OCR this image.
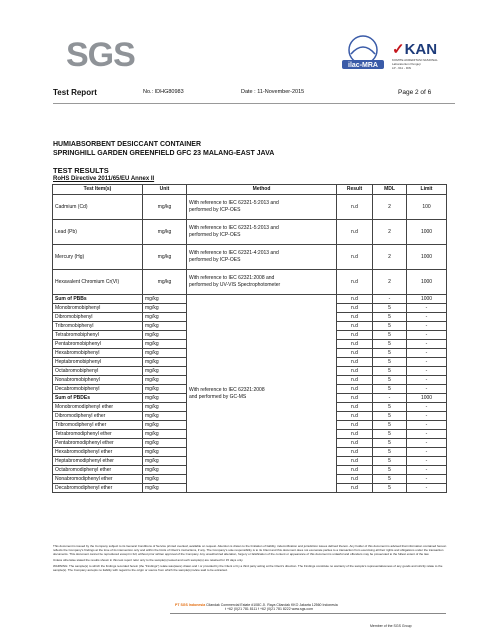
SGS	ilac-MRA
✓KAN
KOMITE AKREDITASI NASIONAL
Laboratorium Penguji
LP - 611 - IDN
Test Report	No.: IDHG80983	Date : 11-November-2015	Page 2 of 6
HUMIABSORBENT DESICCANT CONTAINER
SPRINGHILL GARDEN GREENFIELD GFC 23 MALANG-EAST JAVA
TEST RESULTS
RoHS Directive 2011/65/EU Annex II
Test Item(s)	Unit	Method	Result	MDL	Limit
Cadmium (Cd)	mg/kg	With reference to IEC 62321-5:2013 and
performed by ICP-OES	n.d	2	100
Lead (Pb)	mg/kg	With reference to IEC 62321-5:2013 and
performed by ICP-OES	n.d	2	1000
Mercury (Hg)	mg/kg	With reference to IEC 62321-4:2013 and
performed by ICP-OES	n.d	2	1000
Hexavalent Chromium Cr(VI)	mg/kg	With reference to IEC 62321:2008 and
performed by UV-VIS Spectrophotometer	n.d	2	1000
Sum of PBBs	mg/kg	With reference to IEC 62321:2008
and performed by GC-MS	n.d	-	1000
Monobromobiphenyl	mg/kg		n.d	5	-
Dibromobiphenyl	mg/kg		n.d	5	-
Tribromobiphenyl	mg/kg		n.d	5	-
Tetrabromobiphenyl	mg/kg		n.d	5	-
Pentabromobiphenyl	mg/kg		n.d	5	-
Hexabromobiphenyl	mg/kg		n.d	5	-
Heptabromobiphenyl	mg/kg		n.d	5	-
Octabromobiphenyl	mg/kg		n.d	5	-
Nonabromobiphenyl	mg/kg		n.d	5	-
Decabromobiphenyl	mg/kg		n.d	5	-
Sum of PBDEs	mg/kg		n.d	-	1000
Monobromodiphenyl ether	mg/kg		n.d	5	-
Dibromodiphenyl ether	mg/kg		n.d	5	-
Tribromodiphenyl ether	mg/kg		n.d	5	-
Tetrabromodiphenyl ether	mg/kg		n.d	5	-
Pentabromodiphenyl ether	mg/kg		n.d	5	-
Hexabromodiphenyl ether	mg/kg		n.d	5	-
Heptabromodiphenyl ether	mg/kg		n.d	5	-
Octabromodiphenyl ether	mg/kg		n.d	5	-
Nonabromodiphenyl ether	mg/kg		n.d	5	-
Decabromodiphenyl ether	mg/kg		n.d	5	-
This document is issued by the Company subject to its General Conditions of Service printed overleaf, available on request. Attention is drawn to the limitation of liability, indemnification and jurisdiction issues defined therein. Any holder of this document is advised that information contained hereon reflects the Company's findings at the time of its intervention only and within the limits of Client's instructions, if any. The Company's sole responsibility is to its Client and this document does not exonerate parties to a transaction from exercising all their rights and obligations under the transaction documents. This document cannot be reproduced except in full, without prior written approval of the Company. Any unauthorized alteration, forgery or falsification of the content or appearance of this document is unlawful and offenders may be prosecuted to the fullest extent of the law.
Unless otherwise stated the results shown in this test report refer only to the sample(s) tested and such sample(s) are retained for 15 days only.
WARNING: The sample(s) to which the findings recorded herein (the "Findings") relate was(were) drawn and / or provided by the Client or by a third party acting at the Client's direction. The Findings constitute no warranty of the sample's representativeness of any goods and strictly relate to the sample(s). The Company accepts no liability with regard to the origin or source from which the sample(s) is/are said to be extracted.
PT SGS Indonesia Cilandak Commercial Estate #108C JI. Raya Cilandak KKO Jakarta 12560 Indonesia
t +62 (0)21 781 8111 f +62 (0)21 781 8222 www.sgs.com
Member of the SGS Group
